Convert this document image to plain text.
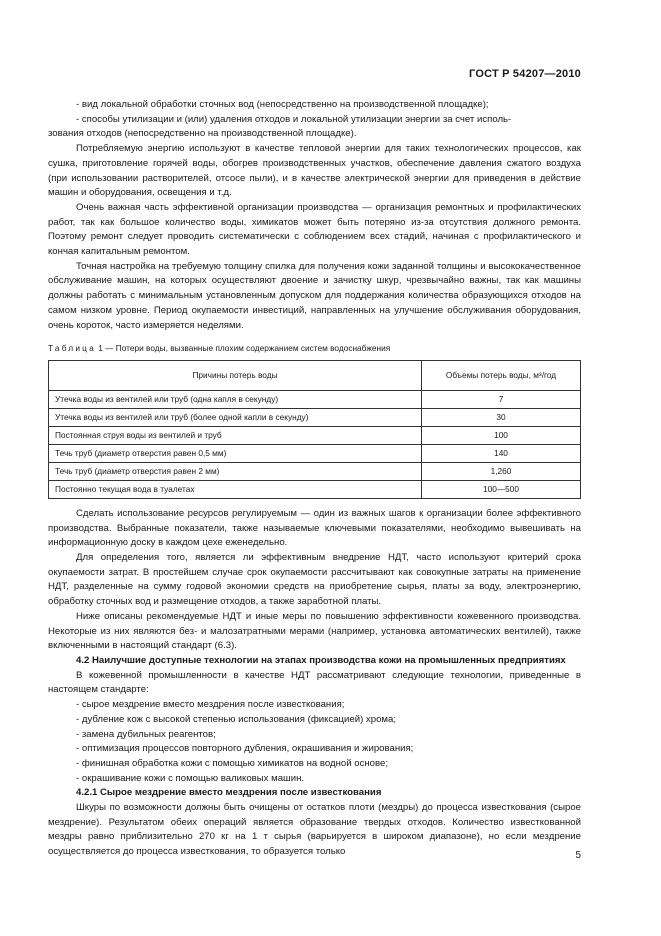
ГОСТ Р 54207—2010

- вид локальной обработки сточных вод (непосредственно на производственной площадке);

- способы утилизации и (или) удаления отходов и локальной утилизации энергии за счет исполь-

зования отходов (непосредственно на производственной площадке).

Потребляемую энергию используют в качестве тепловой энергии для таких технологических процессов, как сушка, приготовление горячей воды, обогрев производственных участков, обеспечение давления сжатого воздуха (при использовании растворителей, отсосе пыли), и в качестве электрической энергии для приведения в действие машин и оборудования, освещения и т.д.

Очень важная часть эффективной организации производства — организация ремонтных и профилактических работ, так как большое количество воды, химикатов может быть потеряно из-за отсутствия должного ремонта. Поэтому ремонт следует проводить систематически с соблюдением всех стадий, начиная с профилактического и кончая капитальным ремонтом.

Точная настройка на требуемую толщину спилка для получения кожи заданной толщины и высококачественное обслуживание машин, на которых осуществляют двоение и зачистку шкур, чрезвычайно важны, так как машины должны работать с минимальным установленным допуском для поддержания количества образующихся отходов на самом низком уровне. Период окупаемости инвестиций, направленных на улучшение обслуживания оборудования, очень короток, часто измеряется неделями.

Таблица 1 — Потери воды, вызванные плохим содержанием систем водоснабжения
Причины потерь воды	Объемы потерь воды, м³/год
Утечка воды из вентилей или труб (одна капля в секунду)	7
Утечка воды из вентилей или труб (более одной капли в секунду)	30
Постоянная струя воды из вентилей и труб	100
Течь труб (диаметр отверстия равен 0,5 мм)	140
Течь труб (диаметр отверстия равен 2 мм)	1,260
Постоянно текущая вода в туалетах	100—500

Сделать использование ресурсов регулируемым — один из важных шагов к организации более эффективного производства. Выбранные показатели, также называемые ключевыми показателями, необходимо вывешивать на информационную доску в каждом цехе еженедельно.

Для определения того, является ли эффективным внедрение НДТ, часто используют критерий срока окупаемости затрат. В простейшем случае срок окупаемости рассчитывают как совокупные затраты на применение НДТ, разделенные на сумму годовой экономии средств на приобретение сырья, платы за воду, электроэнергию, обработку сточных вод и размещение отходов, а также заработной платы.

Ниже описаны рекомендуемые НДТ и иные меры по повышению эффективности кожевенного производства. Некоторые из них являются без- и малозатратными мерами (например, установка автоматических вентилей), также включенными в настоящий стандарт (6.3).

4.2 Наилучшие доступные технологии на этапах производства кожи на промышленных предприятиях

В кожевенной промышленности в качестве НДТ рассматривают следующие технологии, приведенные в настоящем стандарте:

- сырое мездрение вместо мездрения после известкования;

- дубление кож с высокой степенью использования (фиксацией) хрома;

- замена дубильных реагентов;

- оптимизация процессов повторного дубления, окрашивания и жирования;

- финишная обработка кожи с помощью химикатов на водной основе;

- окрашивание кожи с помощью валиковых машин.

4.2.1 Сырое мездрение вместо мездрения после известкования

Шкуры по возможности должны быть очищены от остатков плоти (мездры) до процесса известкования (сырое мездрение). Результатом обеих операций является образование твердых отходов. Количество известкованной мездры равно приблизительно 270 кг на 1 т сырья (варьируется в широком диапазоне), но если мездрение осуществляется до процесса известкования, то образуется только	5
